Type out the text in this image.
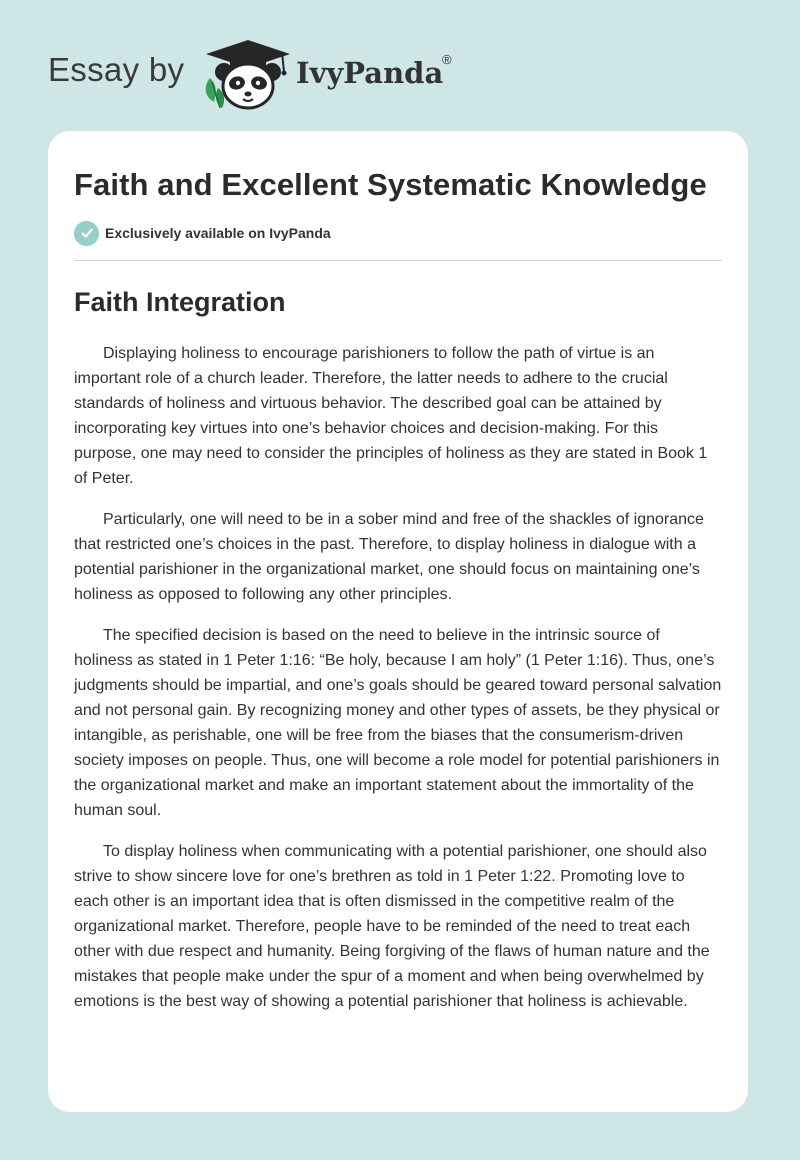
Essay by	IvyPanda
®
Faith and Excellent Systematic Knowledge
Exclusively available on IvyPanda
Faith Integration

Displaying holiness to encourage parishioners to follow the path of virtue is an important role of a church leader. Therefore, the latter needs to adhere to the crucial standards of holiness and virtuous behavior. The described goal can be attained by incorporating key virtues into one’s behavior choices and decision-making. For this purpose, one may need to consider the principles of holiness as they are stated in Book 1 of Peter.

Particularly, one will need to be in a sober mind and free of the shackles of ignorance that restricted one’s choices in the past. Therefore, to display holiness in dialogue with a potential parishioner in the organizational market, one should focus on maintaining one’s holiness as opposed to following any other principles.

The specified decision is based on the need to believe in the intrinsic source of holiness as stated in 1 Peter 1:16: “Be holy, because I am holy” (1 Peter 1:16). Thus, one’s judgments should be impartial, and one’s goals should be geared toward personal salvation and not personal gain. By recognizing money and other types of assets, be they physical or intangible, as perishable, one will be free from the biases that the consumerism-driven society imposes on people. Thus, one will become a role model for potential parishioners in the organizational market and make an important statement about the immortality of the human soul.

To display holiness when communicating with a potential parishioner, one should also strive to show sincere love for one’s brethren as told in 1 Peter 1:22. Promoting love to each other is an important idea that is often dismissed in the competitive realm of the organizational market. Therefore, people have to be reminded of the need to treat each other with due respect and humanity. Being forgiving of the flaws of human nature and the mistakes that people make under the spur of a moment and when being overwhelmed by emotions is the best way of showing a potential parishioner that holiness is achievable.
